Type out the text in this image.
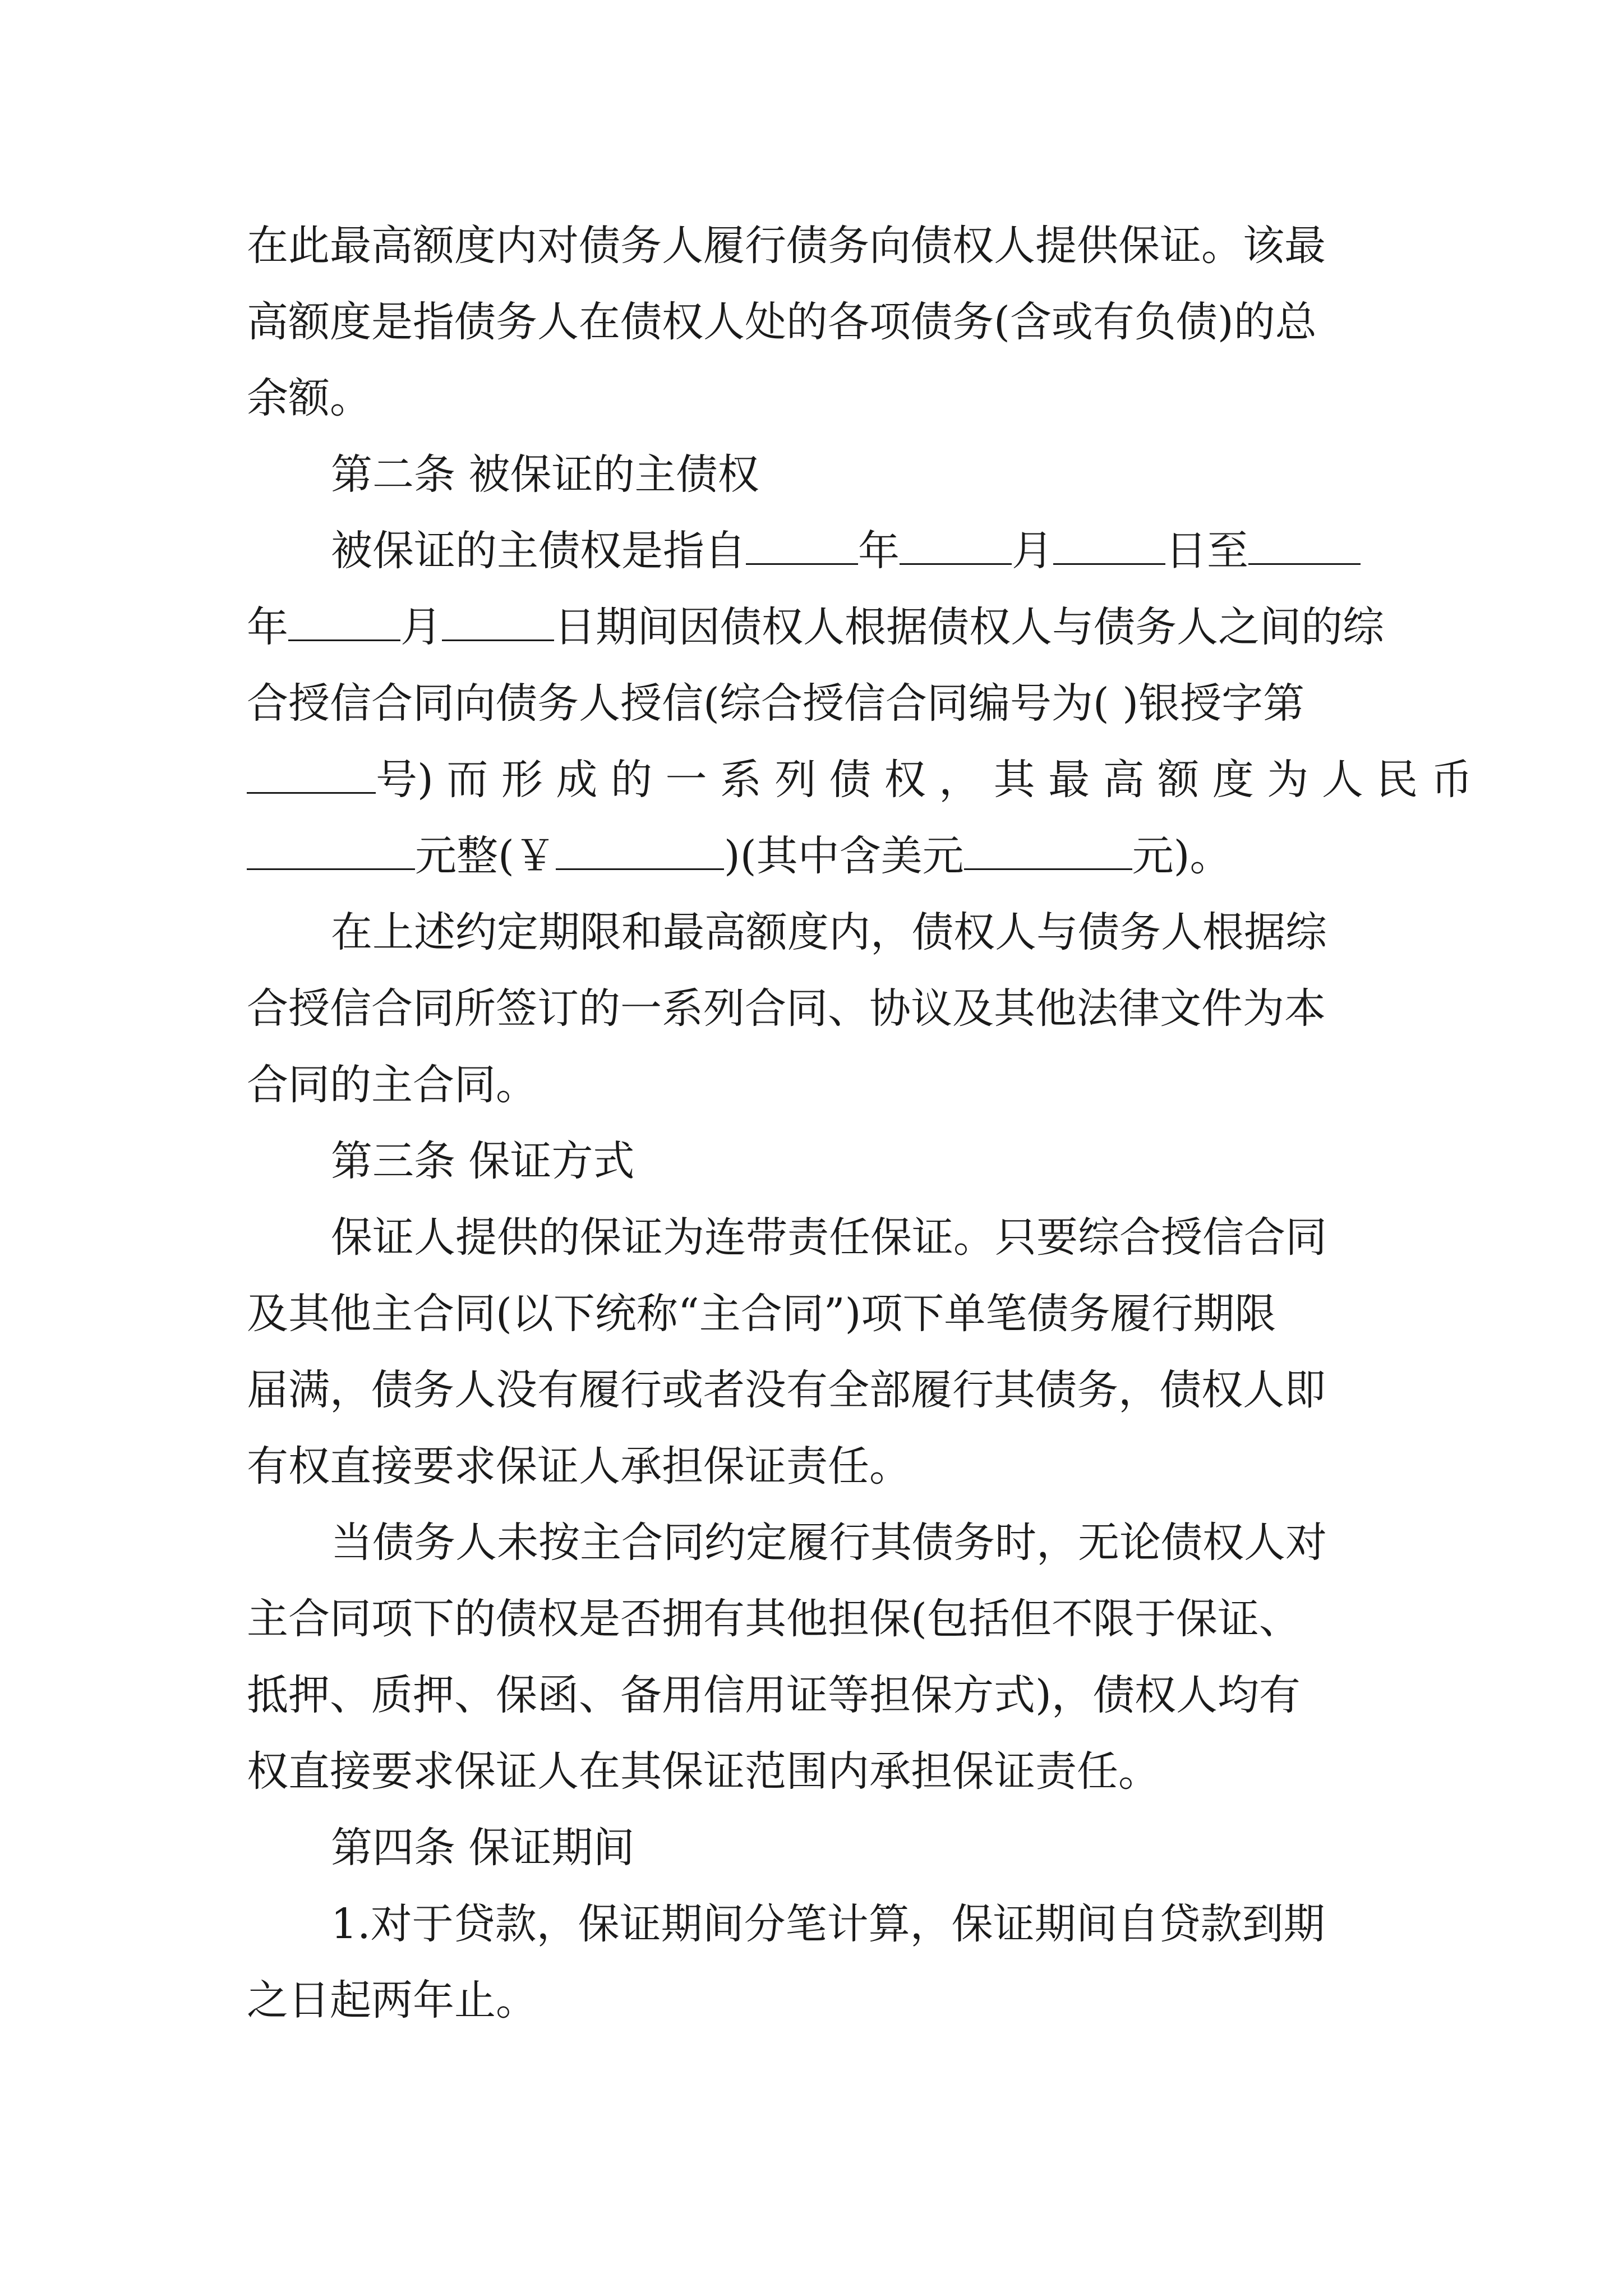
在此最高额度内对债务人履行债务向债权人提供保证。该最
高额度是指债务人在债权人处的各项债务(含或有负债)的总
余额。
第二条 被保证的主债权
被保证的主债权是指自	年	月	日至
年	月	日期间因债权人根据债权人与债务人之间的综
合授信合同向债务人授信(综合授信合同编号为( )银授字第
号) 而 形 成 的 一 系 列 债 权 ， 其 最 高 额 度 为 人 民 币
元整(￥	)(其中含美元	元)。
在上述约定期限和最高额度内，债权人与债务人根据综
合授信合同所签订的一系列合同、协议及其他法律文件为本
合同的主合同。
第三条 保证方式
保证人提供的保证为连带责任保证。只要综合授信合同
及其他主合同(以下统称“主合同”)项下单笔债务履行期限
届满，债务人没有履行或者没有全部履行其债务，债权人即
有权直接要求保证人承担保证责任。
当债务人未按主合同约定履行其债务时，无论债权人对
主合同项下的债权是否拥有其他担保(包括但不限于保证、
抵押、质押、保函、备用信用证等担保方式)，债权人均有
权直接要求保证人在其保证范围内承担保证责任。
第四条 保证期间
1.对于贷款，保证期间分笔计算，保证期间自贷款到期
之日起两年止。
